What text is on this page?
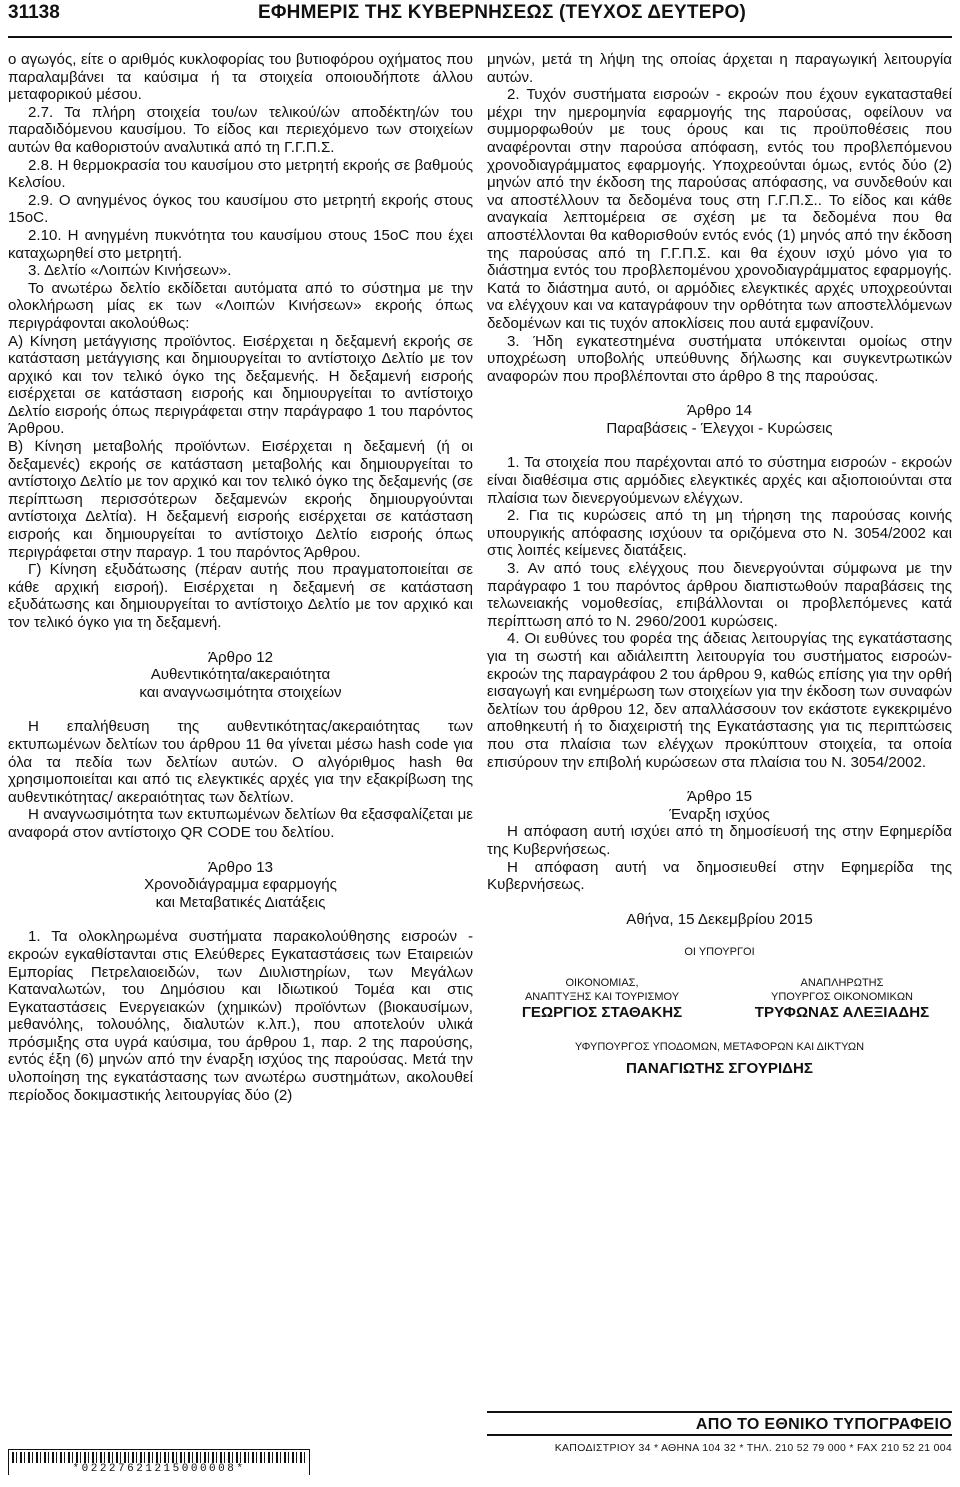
31138	ΕΦΗΜΕΡΙΣ ΤΗΣ ΚΥΒΕΡΝΗΣΕΩΣ (ΤΕΥΧΟΣ ΔΕΥΤΕΡΟ)

ο αγωγός, είτε ο αριθμός κυκλοφορίας του βυτιοφόρου οχήματος που παραλαμβάνει τα καύσιμα ή τα στοιχεία οποιουδήποτε άλλου μεταφορικού μέσου.

2.7. Τα πλήρη στοιχεία του/ων τελικού/ών αποδέκτη/ών του παραδιδόμενου καυσίμου. Το είδος και περιεχόμενο των στοιχείων αυτών θα καθοριστούν αναλυτικά από τη Γ.Γ.Π.Σ.

2.8. Η θερμοκρασία του καυσίμου στο μετρητή εκροής σε βαθμούς Κελσίου.

2.9. Ο ανηγμένος όγκος του καυσίμου στο μετρητή εκροής στους 15οC.

2.10. Η ανηγμένη πυκνότητα του καυσίμου στους 15οC που έχει καταχωρηθεί στο μετρητή.

3. Δελτίο «Λοιπών Κινήσεων».

Το ανωτέρω δελτίο εκδίδεται αυτόματα από το σύστημα με την ολοκλήρωση μίας εκ των «Λοιπών Κινήσεων» εκροής όπως περιγράφονται ακολούθως:

Α) Κίνηση μετάγγισης προϊόντος. Εισέρχεται η δεξαμενή εκροής σε κατάσταση μετάγγισης και δημιουργείται το αντίστοιχο Δελτίο με τον αρχικό και τον τελικό όγκο της δεξαμενής. Η δεξαμενή εισροής εισέρχεται σε κατάσταση εισροής και δημιουργείται το αντίστοιχο Δελτίο εισροής όπως περιγράφεται στην παράγραφο 1 του παρόντος Άρθρου.

Β) Κίνηση μεταβολής προϊόντων. Εισέρχεται η δεξαμενή (ή οι δεξαμενές) εκροής σε κατάσταση μεταβολής και δημιουργείται το αντίστοιχο Δελτίο με τον αρχικό και τον τελικό όγκο της δεξαμενής (σε περίπτωση περισσότερων δεξαμενών εκροής δημιουργούνται αντίστοιχα Δελτία). Η δεξαμενή εισροής εισέρχεται σε κατάσταση εισροής και δημιουργείται το αντίστοιχο Δελτίο εισροής όπως περιγράφεται στην παραγρ. 1 του παρόντος Άρθρου.

Γ) Κίνηση εξυδάτωσης (πέραν αυτής που πραγματοποιείται σε κάθε αρχική εισροή). Εισέρχεται η δεξαμενή σε κατάσταση εξυδάτωσης και δημιουργείται το αντίστοιχο Δελτίο με τον αρχικό και τον τελικό όγκο για τη δεξαμενή.

Άρθρο 12

Αυθεντικότητα/ακεραιότητα

και αναγνωσιμότητα στοιχείων

Η επαλήθευση της αυθεντικότητας/ακεραιότητας των εκτυπωμένων δελτίων του άρθρου 11 θα γίνεται μέσω hash code για όλα τα πεδία των δελτίων αυτών. Ο αλγόριθμος hash θα χρησιμοποιείται και από τις ελεγκτικές αρχές για την εξακρίβωση της αυθεντικότητας/ ακεραιότητας των δελτίων.

Η αναγνωσιμότητα των εκτυπωμένων δελτίων θα εξασφαλίζεται με αναφορά στον αντίστοιχο QR CODE του δελτίου.

Άρθρο 13

Χρονοδιάγραμμα εφαρμογής

και Μεταβατικές Διατάξεις

1. Τα ολοκληρωμένα συστήματα παρακολούθησης εισροών - εκροών εγκαθίστανται στις Ελεύθερες Εγκαταστάσεις των Εταιρειών Εμπορίας Πετρελαιοειδών, των Διυλιστηρίων, των Μεγάλων Καταναλωτών, του Δημόσιου και Ιδιωτικού Τομέα και στις Εγκαταστάσεις Ενεργειακών (χημικών) προϊόντων (βιοκαυσίμων, μεθανόλης, τολουόλης, διαλυτών κ.λπ.), που αποτελούν υλικά πρόσμιξης στα υγρά καύσιμα, του άρθρου 1, παρ. 2 της παρούσης, εντός έξη (6) μηνών από την έναρξη ισχύος της παρούσας. Μετά την υλοποίηση της εγκατάστασης των ανωτέρω συστημάτων, ακολουθεί περίοδος δοκιμαστικής λειτουργίας δύο (2)

μηνών, μετά τη λήψη της οποίας άρχεται η παραγωγική λειτουργία αυτών.

2. Τυχόν συστήματα εισροών - εκροών που έχουν εγκατασταθεί μέχρι την ημερομηνία εφαρμογής της παρούσας, οφείλουν να συμμορφωθούν με τους όρους και τις προϋποθέσεις που αναφέρονται στην παρούσα απόφαση, εντός του προβλεπόμενου χρονοδιαγράμματος εφαρμογής. Υποχρεούνται όμως, εντός δύο (2) μηνών από την έκδοση της παρούσας απόφασης, να συνδεθούν και να αποστέλλουν τα δεδομένα τους στη Γ.Γ.Π.Σ.. Το είδος και κάθε αναγκαία λεπτομέρεια σε σχέση με τα δεδομένα που θα αποστέλλονται θα καθορισθούν εντός ενός (1) μηνός από την έκδοση της παρούσας από τη Γ.Γ.Π.Σ. και θα έχουν ισχύ μόνο για το διάστημα εντός του προβλεπομένου χρονοδιαγράμματος εφαρμογής. Κατά το διάστημα αυτό, οι αρμόδιες ελεγκτικές αρχές υποχρεούνται να ελέγχουν και να καταγράφουν την ορθότητα των αποστελλόμενων δεδομένων και τις τυχόν αποκλίσεις που αυτά εμφανίζουν.

3. Ήδη εγκατεστημένα συστήματα υπόκεινται ομοίως στην υποχρέωση υποβολής υπεύθυνης δήλωσης και συγκεντρωτικών αναφορών που προβλέπονται στο άρθρο 8 της παρούσας.

Άρθρο 14

Παραβάσεις - Έλεγχοι - Κυρώσεις

1. Τα στοιχεία που παρέχονται από το σύστημα εισροών - εκροών είναι διαθέσιμα στις αρμόδιες ελεγκτικές αρχές και αξιοποιούνται στα πλαίσια των διενεργούμενων ελέγχων.

2. Για τις κυρώσεις από τη μη τήρηση της παρούσας κοινής υπουργικής απόφασης ισχύουν τα οριζόμενα στο Ν. 3054/2002 και στις λοιπές κείμενες διατάξεις.

3. Αν από τους ελέγχους που διενεργούνται σύμφωνα με την παράγραφο 1 του παρόντος άρθρου διαπιστωθούν παραβάσεις της τελωνειακής νομοθεσίας, επιβάλλονται οι προβλεπόμενες κατά περίπτωση από το Ν. 2960/2001 κυρώσεις.

4. Οι ευθύνες του φορέα της άδειας λειτουργίας της εγκατάστασης για τη σωστή και αδιάλειπτη λειτουργία του συστήματος εισροών-εκροών της παραγράφου 2 του άρθρου 9, καθώς επίσης για την ορθή εισαγωγή και ενημέρωση των στοιχείων για την έκδοση των συναφών δελτίων του άρθρου 12, δεν απαλλάσσουν τον εκάστοτε εγκεκριμένο αποθηκευτή ή το διαχειριστή της Εγκατάστασης για τις περιπτώσεις που στα πλαίσια των ελέγχων προκύπτουν στοιχεία, τα οποία επισύρουν την επιβολή κυρώσεων στα πλαίσια του Ν. 3054/2002.

Άρθρο 15

Έναρξη ισχύος

Η απόφαση αυτή ισχύει από τη δημοσίευσή της στην Εφημερίδα της Κυβερνήσεως.

Η απόφαση αυτή να δημοσιευθεί στην Εφημερίδα της Κυβερνήσεως.

Αθήνα, 15 Δεκεμβρίου 2015

ΟΙ ΥΠΟΥΡΓΟΙ

ΟΙΚΟΝΟΜΙΑΣ,
ΑΝΑΠΤΥΞΗΣ ΚΑΙ ΤΟΥΡΙΣΜΟΥ
ΓΕΩΡΓΙΟΣ ΣΤΑΘΑΚΗΣ
ΑΝΑΠΛΗΡΩΤΗΣ
ΥΠΟΥΡΓΟΣ ΟΙΚΟΝΟΜΙΚΩΝ
ΤΡΥΦΩΝΑΣ ΑΛΕΞΙΑΔΗΣ

ΥΦΥΠΟΥΡΓΟΣ ΥΠΟΔΟΜΩΝ, ΜΕΤΑΦΟΡΩΝ ΚΑΙ ΔΙΚΤΥΩΝ

ΠΑΝΑΓΙΩΤΗΣ ΣΓΟΥΡΙΔΗΣ

*02227621215000008*
ΑΠΟ ΤΟ ΕΘΝΙΚΟ ΤΥΠΟΓΡΑΦΕΙΟ
ΚΑΠΟΔΙΣΤΡΙΟΥ 34 * ΑΘΗΝΑ 104 32 * ΤΗΛ. 210 52 79 000 * FAX 210 52 21 004
